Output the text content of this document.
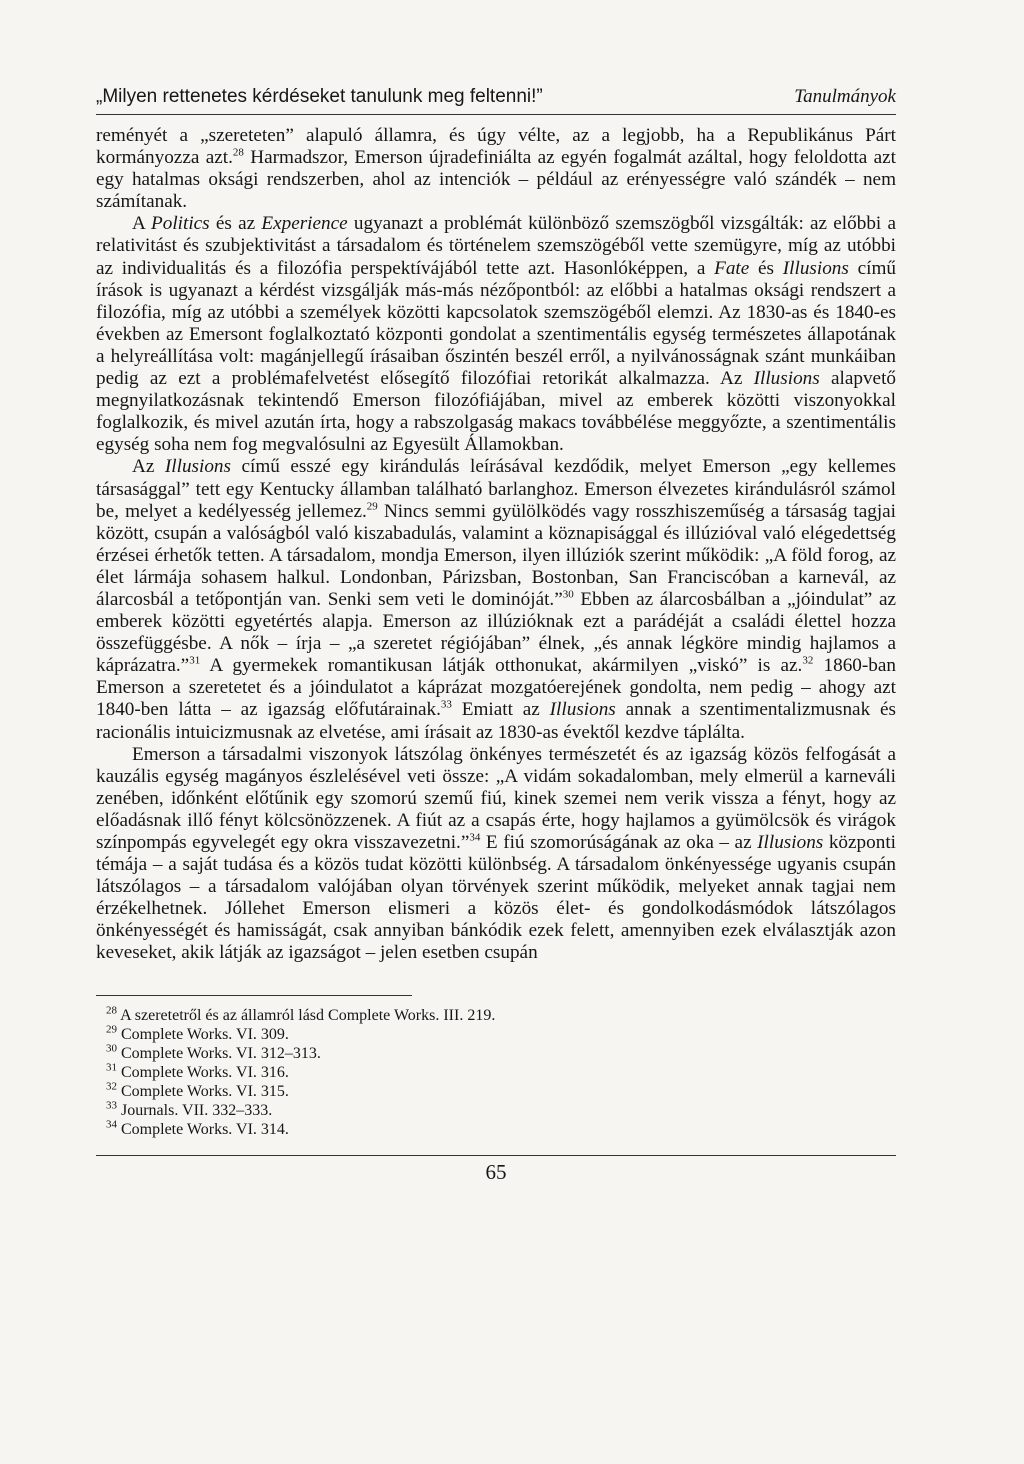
„Milyen rettenetes kérdéseket tanulunk meg feltenni!”	Tanulmányok

reményét a „szereteten” alapuló államra, és úgy vélte, az a legjobb, ha a Republikánus Párt kormányozza azt.$^{28}$ Harmadszor, Emerson újradefiniálta az egyén fogalmát azáltal, hogy feloldotta azt egy hatalmas oksági rendszerben, ahol az intenciók – például az erényességre való szándék – nem számítanak.

A Politics és az Experience ugyanazt a problémát különböző szemszögből vizsgálták: az előbbi a relativitást és szubjektivitást a társadalom és történelem szemszögéből vette szemügyre, míg az utóbbi az individualitás és a filozófia perspektívájából tette azt. Hasonlóképpen, a Fate és Illusions című írások is ugyanazt a kérdést vizsgálják más-más nézőpontból: az előbbi a hatalmas oksági rendszert a filozófia, míg az utóbbi a személyek közötti kapcsolatok szemszögéből elemzi. Az 1830-as és 1840-es években az Emersont foglalkoztató központi gondolat a szentimentális egység természetes állapotának a helyreállítása volt: magánjellegű írásaiban őszintén beszél erről, a nyilvánosságnak szánt munkáiban pedig az ezt a problémafelvetést elősegítő filozófiai retorikát alkalmazza. Az Illusions alapvető megnyilatkozásnak tekintendő Emerson filozófiájában, mivel az emberek közötti viszonyokkal foglalkozik, és mivel azután írta, hogy a rabszolgaság makacs továbbélése meggyőzte, a szentimentális egység soha nem fog megvalósulni az Egyesült Államokban.

Az Illusions című esszé egy kirándulás leírásával kezdődik, melyet Emerson „egy kellemes társasággal” tett egy Kentucky államban található barlanghoz. Emerson élvezetes kirándulásról számol be, melyet a kedélyesség jellemez.$^{29}$ Nincs semmi gyülölködés vagy rosszhiszeműség a társaság tagjai között, csupán a valóságból való kiszabadulás, valamint a köznapisággal és illúzióval való elégedettség érzései érhetők tetten. A társadalom, mondja Emerson, ilyen illúziók szerint működik: „A föld forog, az élet lármája sohasem halkul. Londonban, Párizsban, Bostonban, San Franciscóban a karnevál, az álarcosbál a tetőpontján van. Senki sem veti le dominóját.”$^{30}$ Ebben az álarcosbálban a „jóindulat” az emberek közötti egyetértés alapja. Emerson az illúzióknak ezt a parádéját a családi élettel hozza összefüggésbe. A nők – írja – „a szeretet régiójában” élnek, „és annak légköre mindig hajlamos a káprázatra.”$^{31}$ A gyermekek romantikusan látják otthonukat, akármilyen „viskó” is az.$^{32}$ 1860-ban Emerson a szeretetet és a jóindulatot a káprázat mozgatóerejének gondolta, nem pedig – ahogy azt 1840-ben látta – az igazság előfutárainak.$^{33}$ Emiatt az Illusions annak a szentimentalizmusnak és racionális intuicizmusnak az elvetése, ami írásait az 1830-as évektől kezdve táplálta.

Emerson a társadalmi viszonyok látszólag önkényes természetét és az igazság közös felfogását a kauzális egység magányos észlelésével veti össze: „A vidám sokadalomban, mely elmerül a karneváli zenében, időnként előtűnik egy szomorú szemű fiú, kinek szemei nem verik vissza a fényt, hogy az előadásnak illő fényt kölcsönözzenek. A fiút az a csapás érte, hogy hajlamos a gyümölcsök és virágok színpompás egyvelegét egy okra visszavezetni.”$^{34}$ E fiú szomorúságának az oka – az Illusions központi témája – a saját tudása és a közös tudat közötti különbség. A társadalom önkényessége ugyanis csupán látszólagos – a társadalom valójában olyan törvények szerint működik, melyeket annak tagjai nem érzékelhetnek. Jóllehet Emerson elismeri a közös élet- és gondolkodásmódok látszólagos önkényességét és hamisságát, csak annyiban bánkódik ezek felett, amennyiben ezek elválasztják azon keveseket, akik látják az igazságot – jelen esetben csupán

$^{28}$ A szeretetről és az államról lásd Complete Works. III. 219.
$^{29}$ Complete Works. VI. 309.
$^{30}$ Complete Works. VI. 312–313.
$^{31}$ Complete Works. VI. 316.
$^{32}$ Complete Works. VI. 315.
$^{33}$ Journals. VII. 332–333.
$^{34}$ Complete Works. VI. 314.
65
